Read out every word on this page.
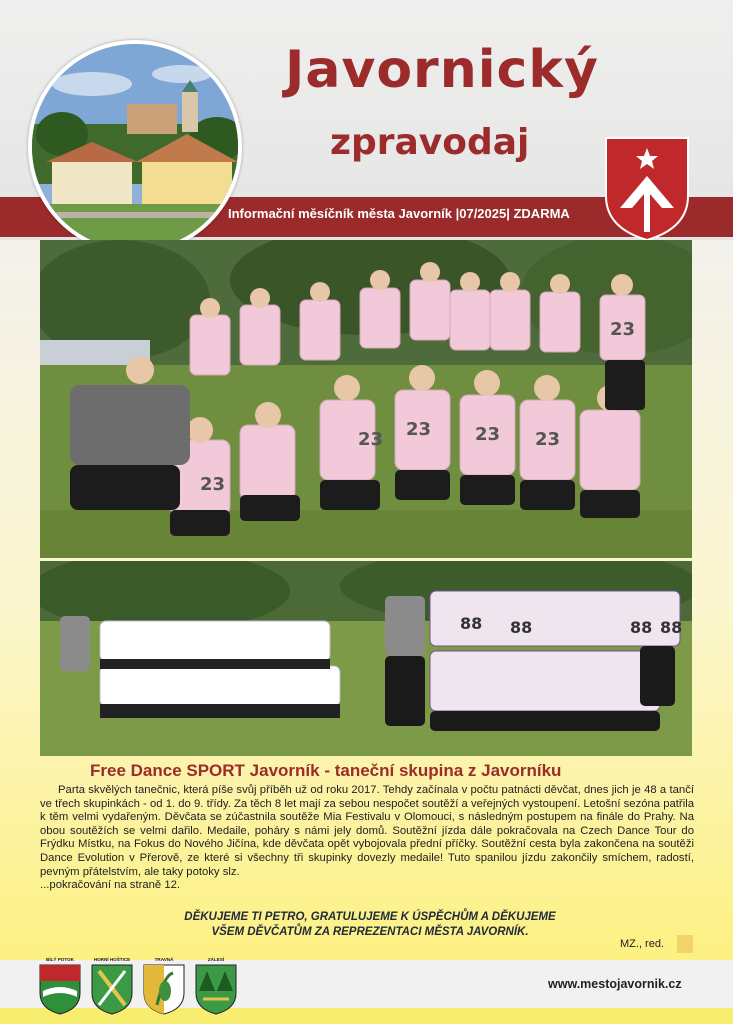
Javornický
zpravodaj
Informační měsíčník města Javorník |07/2025| ZDARMA
23 23 23 23
23
23
88 88	88 88
Free Dance SPORT Javorník - taneční skupina z Javorníku

Parta skvělých tanečnic, která píše svůj příběh už od roku 2017. Tehdy začínala v počtu patnácti děvčat, dnes jich je 48 a tančí ve třech skupinkách - od 1. do 9. třídy. Za těch 8 let mají za sebou nespočet soutěží a veřejných vystoupení. Letošní sezóna patřila k těm velmi vydařeným. Děvčata se zúčastnila soutěže Mia Festivalu v Olomouci, s následným postupem na finále do Prahy. Na obou soutěžích se velmi dařilo. Medaile, poháry s námi jely domů. Soutěžní jízda dále pokračovala na Czech Dance Tour do Frýdku Místku, na Fokus do Nového Jičína, kde děvčata opět vybojovala přední příčky. Soutěžní cesta byla zakončena na soutěži Dance Evolution v Přerově, ze které si všechny tři skupinky dovezly medaile! Tuto spanilou jízdu zakončily smíchem, radostí, pevným přátelstvím, ale taky potoky slz.

...pokračování na straně 12.
DĚKUJEME TI PETRO, GRATULUJEME K ÚSPĚCHŮM A DĚKUJEME
VŠEM DĚVČATŮM ZA REPREZENTACI MĚSTA JAVORNÍK.
MZ., red.
www.mestojavornik.cz
BÍLÝ POTOK	HORNÍ HOŠTICE	TRAVNÁ	ZÁLESÍ
